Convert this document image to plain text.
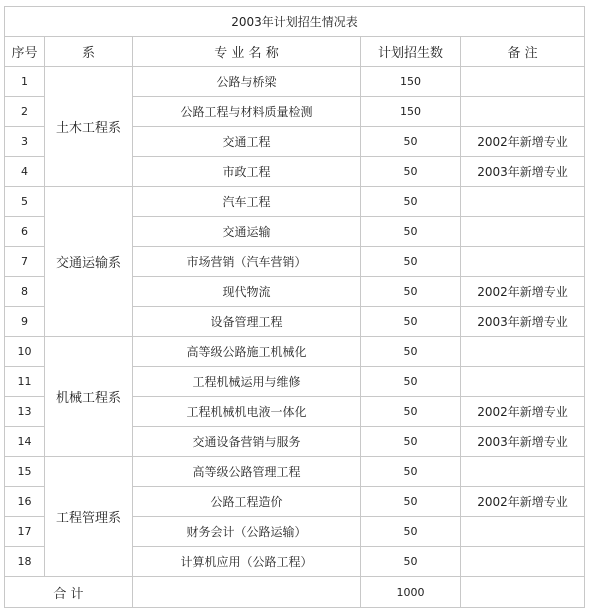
2003年计划招生情况表				
序号	系	专 业 名 称	计划招生数	备 注
1	土木工程系	公路与桥梁	150	
2		公路工程与材料质量检测	150	
3		交通工程	50	2002年新增专业
4		市政工程	50	2003年新增专业
5	交通运输系	汽车工程	50	
6		交通运输	50	
7		市场营销（汽车营销）	50	
8		现代物流	50	2002年新增专业
9		设备管理工程	50	2003年新增专业
10	机械工程系	高等级公路施工机械化	50	
11		工程机械运用与维修	50	
13		工程机械机电液一体化	50	2002年新增专业
14		交通设备营销与服务	50	2003年新增专业
15	工程管理系	高等级公路管理工程	50	
16		公路工程造价	50	2002年新增专业
17		财务会计（公路运输）	50	
18		计算机应用（公路工程）	50	
合 计			1000	
